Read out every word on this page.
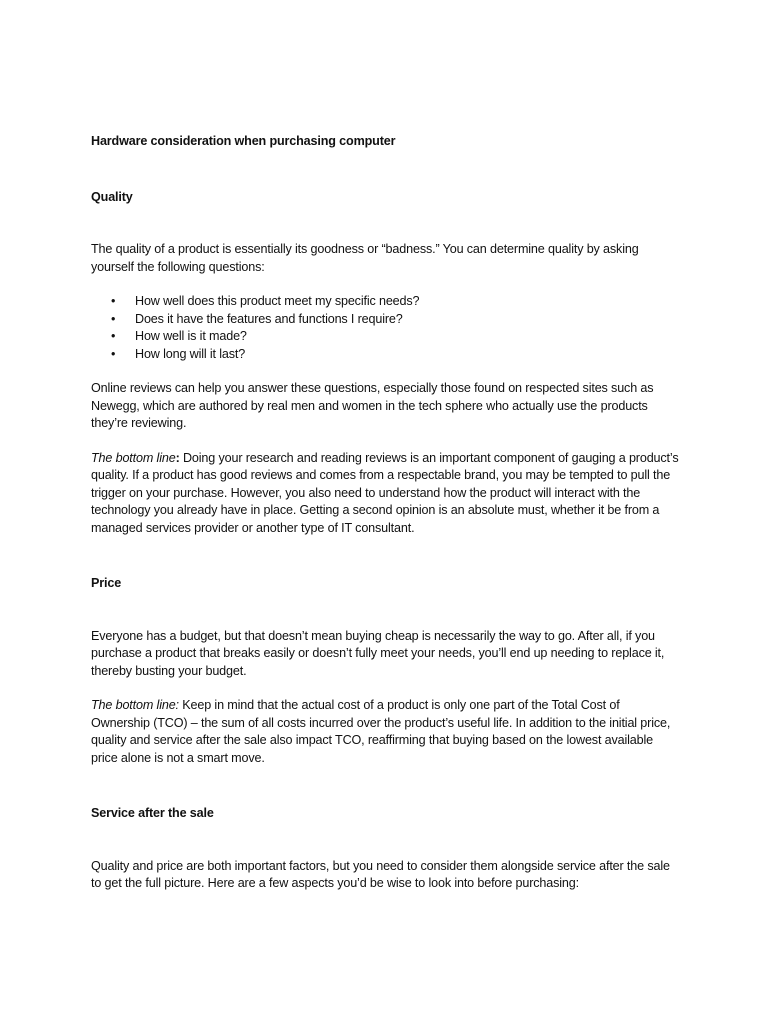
Hardware consideration when purchasing computer

Quality

The quality of a product is essentially its goodness or “badness.” You can determine quality by asking yourself the following questions:

• How well does this product meet my specific needs?
• Does it have the features and functions I require?
• How well is it made?
• How long will it last?

Online reviews can help you answer these questions, especially those found on respected sites such as Newegg, which are authored by real men and women in the tech sphere who actually use the products they’re reviewing.

The bottom line : Doing your research and reading reviews is an important component of gauging a product’s quality. If a product has good reviews and comes from a respectable brand, you may be tempted to pull the trigger on your purchase. However, you also need to understand how the product will interact with the technology you already have in place. Getting a second opinion is an absolute must, whether it be from a managed services provider or another type of IT consultant.

Price

Everyone has a budget, but that doesn’t mean buying cheap is necessarily the way to go. After all, if you purchase a product that breaks easily or doesn’t fully meet your needs, you’ll end up needing to replace it, thereby busting your budget.

The bottom line: Keep in mind that the actual cost of a product is only one part of the Total Cost of Ownership (TCO) – the sum of all costs incurred over the product’s useful life. In addition to the initial price, quality and service after the sale also impact TCO, reaffirming that buying based on the lowest available price alone is not a smart move.

Service after the sale

Quality and price are both important factors, but you need to consider them alongside service after the sale to get the full picture. Here are a few aspects you’d be wise to look into before purchasing:
